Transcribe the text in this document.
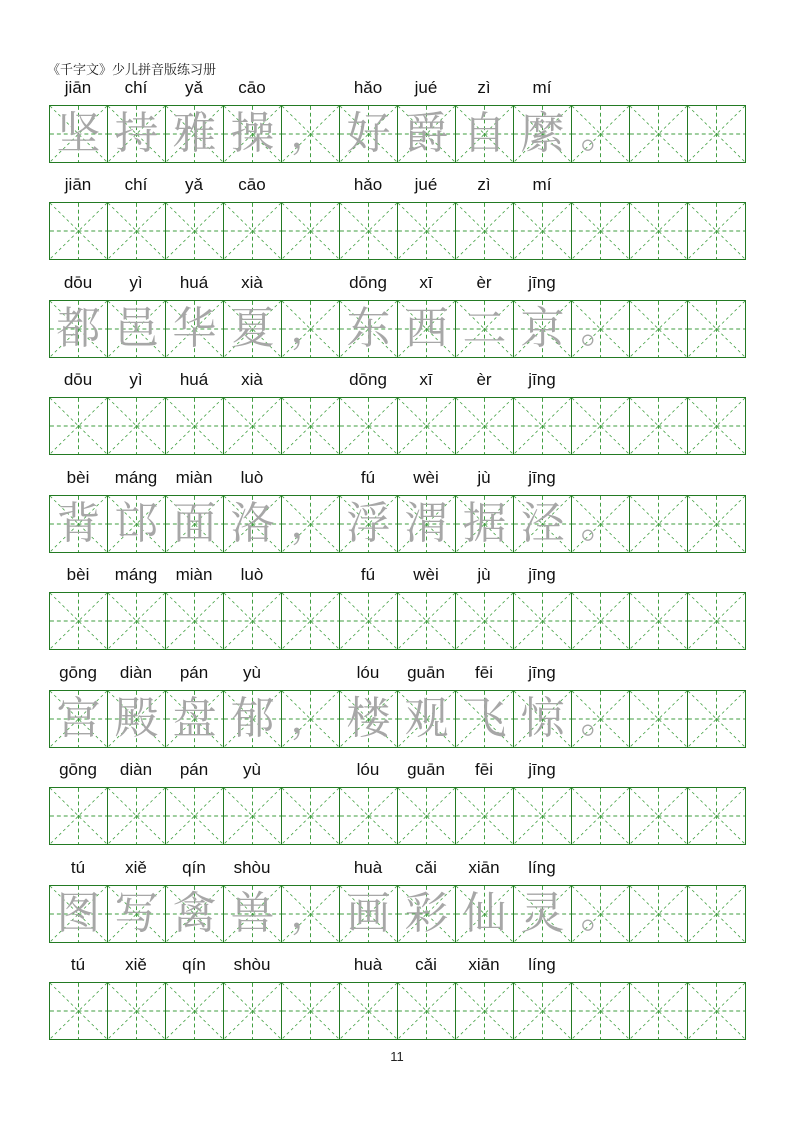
《千字文》少儿拼音版练习册
jiān	chí	yǎ	cāo	hǎo	jué	zì	mí
坚 持 雅 操 ， 好 爵 自 縻 。
jiān	chí	yǎ	cāo	hǎo	jué	zì	mí
dōu	yì	huá	xià	dōng	xī	èr	jīng
都 邑 华 夏 ， 东 西 二 京 。
dōu	yì	huá	xià	dōng	xī	èr	jīng
bèi	máng	miàn	luò	fú	wèi	jù	jīng
背 邙 面 洛 ， 浮 渭 据 泾 。
bèi	máng	miàn	luò	fú	wèi	jù	jīng
gōng	diàn	pán	yù	lóu	guān	fēi	jīng
宫 殿 盘 郁 ， 楼 观 飞 惊 。
gōng	diàn	pán	yù	lóu	guān	fēi	jīng
tú	xiě	qín	shòu	huà	cǎi	xiān	líng
图 写 禽 兽 ， 画 彩 仙 灵 。
tú	xiě	qín	shòu	huà	cǎi	xiān	líng
11
